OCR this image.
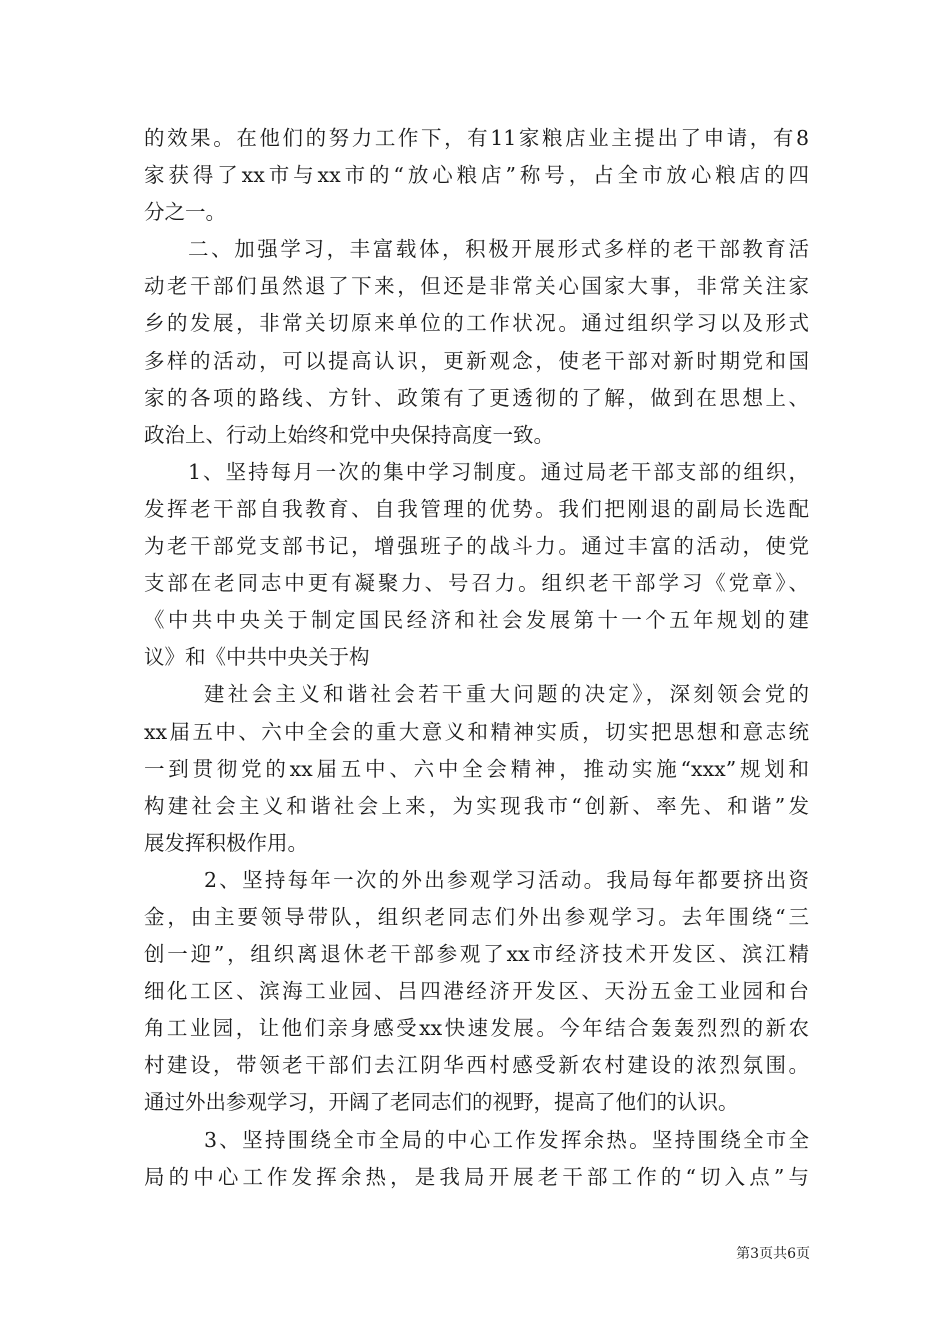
的效果。在他们的努力工作下，有11家粮店业主提出了申请，有8
家获得了xx市与xx市的“放心粮店”称号，占全市放心粮店的四
分之一。
二、加强学习，丰富载体，积极开展形式多样的老干部教育活
动老干部们虽然退了下来，但还是非常关心国家大事，非常关注家
乡的发展，非常关切原来单位的工作状况。通过组织学习以及形式
多样的活动，可以提高认识，更新观念，使老干部对新时期党和国
家的各项的路线、方针、政策有了更透彻的了解，做到在思想上、
政治上、行动上始终和党中央保持高度一致。
1、坚持每月一次的集中学习制度。通过局老干部支部的组织，
发挥老干部自我教育、自我管理的优势。我们把刚退的副局长选配
为老干部党支部书记，增强班子的战斗力。通过丰富的活动，使党
支部在老同志中更有凝聚力、号召力。组织老干部学习《党章》、
《中共中央关于制定国民经济和社会发展第十一个五年规划的建
议》和《中共中央关于构
建社会主义和谐社会若干重大问题的决定》，深刻领会党的
xx届五中、六中全会的重大意义和精神实质，切实把思想和意志统
一到贯彻党的xx届五中、六中全会精神，推动实施“xxx”规划和
构建社会主义和谐社会上来，为实现我市“创新、率先、和谐”发
展发挥积极作用。
2、坚持每年一次的外出参观学习活动。我局每年都要挤出资
金，由主要领导带队，组织老同志们外出参观学习。去年围绕“三
创一迎”，组织离退休老干部参观了xx市经济技术开发区、滨江精
细化工区、滨海工业园、吕四港经济开发区、天汾五金工业园和台
角工业园，让他们亲身感受xx快速发展。今年结合轰轰烈烈的新农
村建设，带领老干部们去江阴华西村感受新农村建设的浓烈氛围。
通过外出参观学习，开阔了老同志们的视野，提高了他们的认识。
3、坚持围绕全市全局的中心工作发挥余热。坚持围绕全市全
局的中心工作发挥余热，是我局开展老干部工作的“切入点”与
第3页共6页
